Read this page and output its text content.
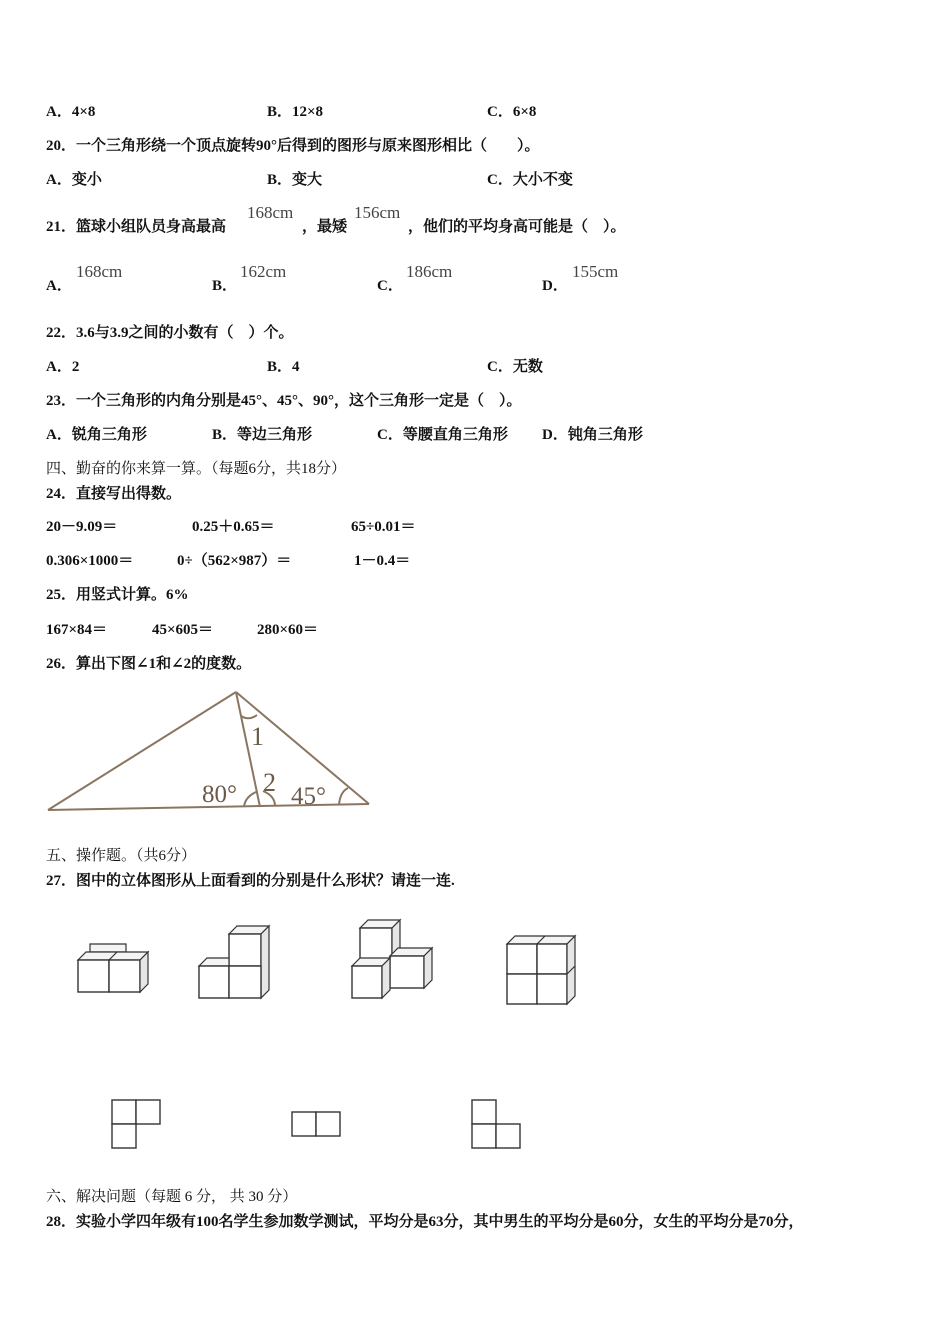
A．4×8	B．12×8	C．6×8
20．一个三角形绕一个顶点旋转90°后得到的图形与原来图形相比（　　）。
A．变小	B．变大	C．大小不变
21．篮球小组队员身高最高
168cm
，最矮
156cm
，他们的平均身高可能是（　）。
A．
168cm
B．
162cm
C．
186cm
D．
155cm
22．3.6与3.9之间的小数有（　）个。
A．2	B．4	C．无数
23．一个三角形的内角分别是45°、45°、90°，这个三角形一定是（　）。
A．锐角三角形	B．等边三角形	C．等腰直角三角形 D．钝角三角形
四、勤奋的你来算一算。（每题6分，共18分）
24．直接写出得数。
20－9.09＝	0.25＋0.65＝	65÷0.01＝
0.306×1000＝	0÷（562×987）＝	1－0.4＝
25．用竖式计算。6%
167×84＝	45×605＝	280×60＝
26．算出下图∠1和∠2的度数。
1
2
80° 45°
五、操作题。（共6分）
27．图中的立体图形从上面看到的分别是什么形状？请连一连.
六、解决问题（每题 6 分， 共 30 分）
28．实验小学四年级有100名学生参加数学测试，平均分是63分，其中男生的平均分是60分，女生的平均分是70分，
